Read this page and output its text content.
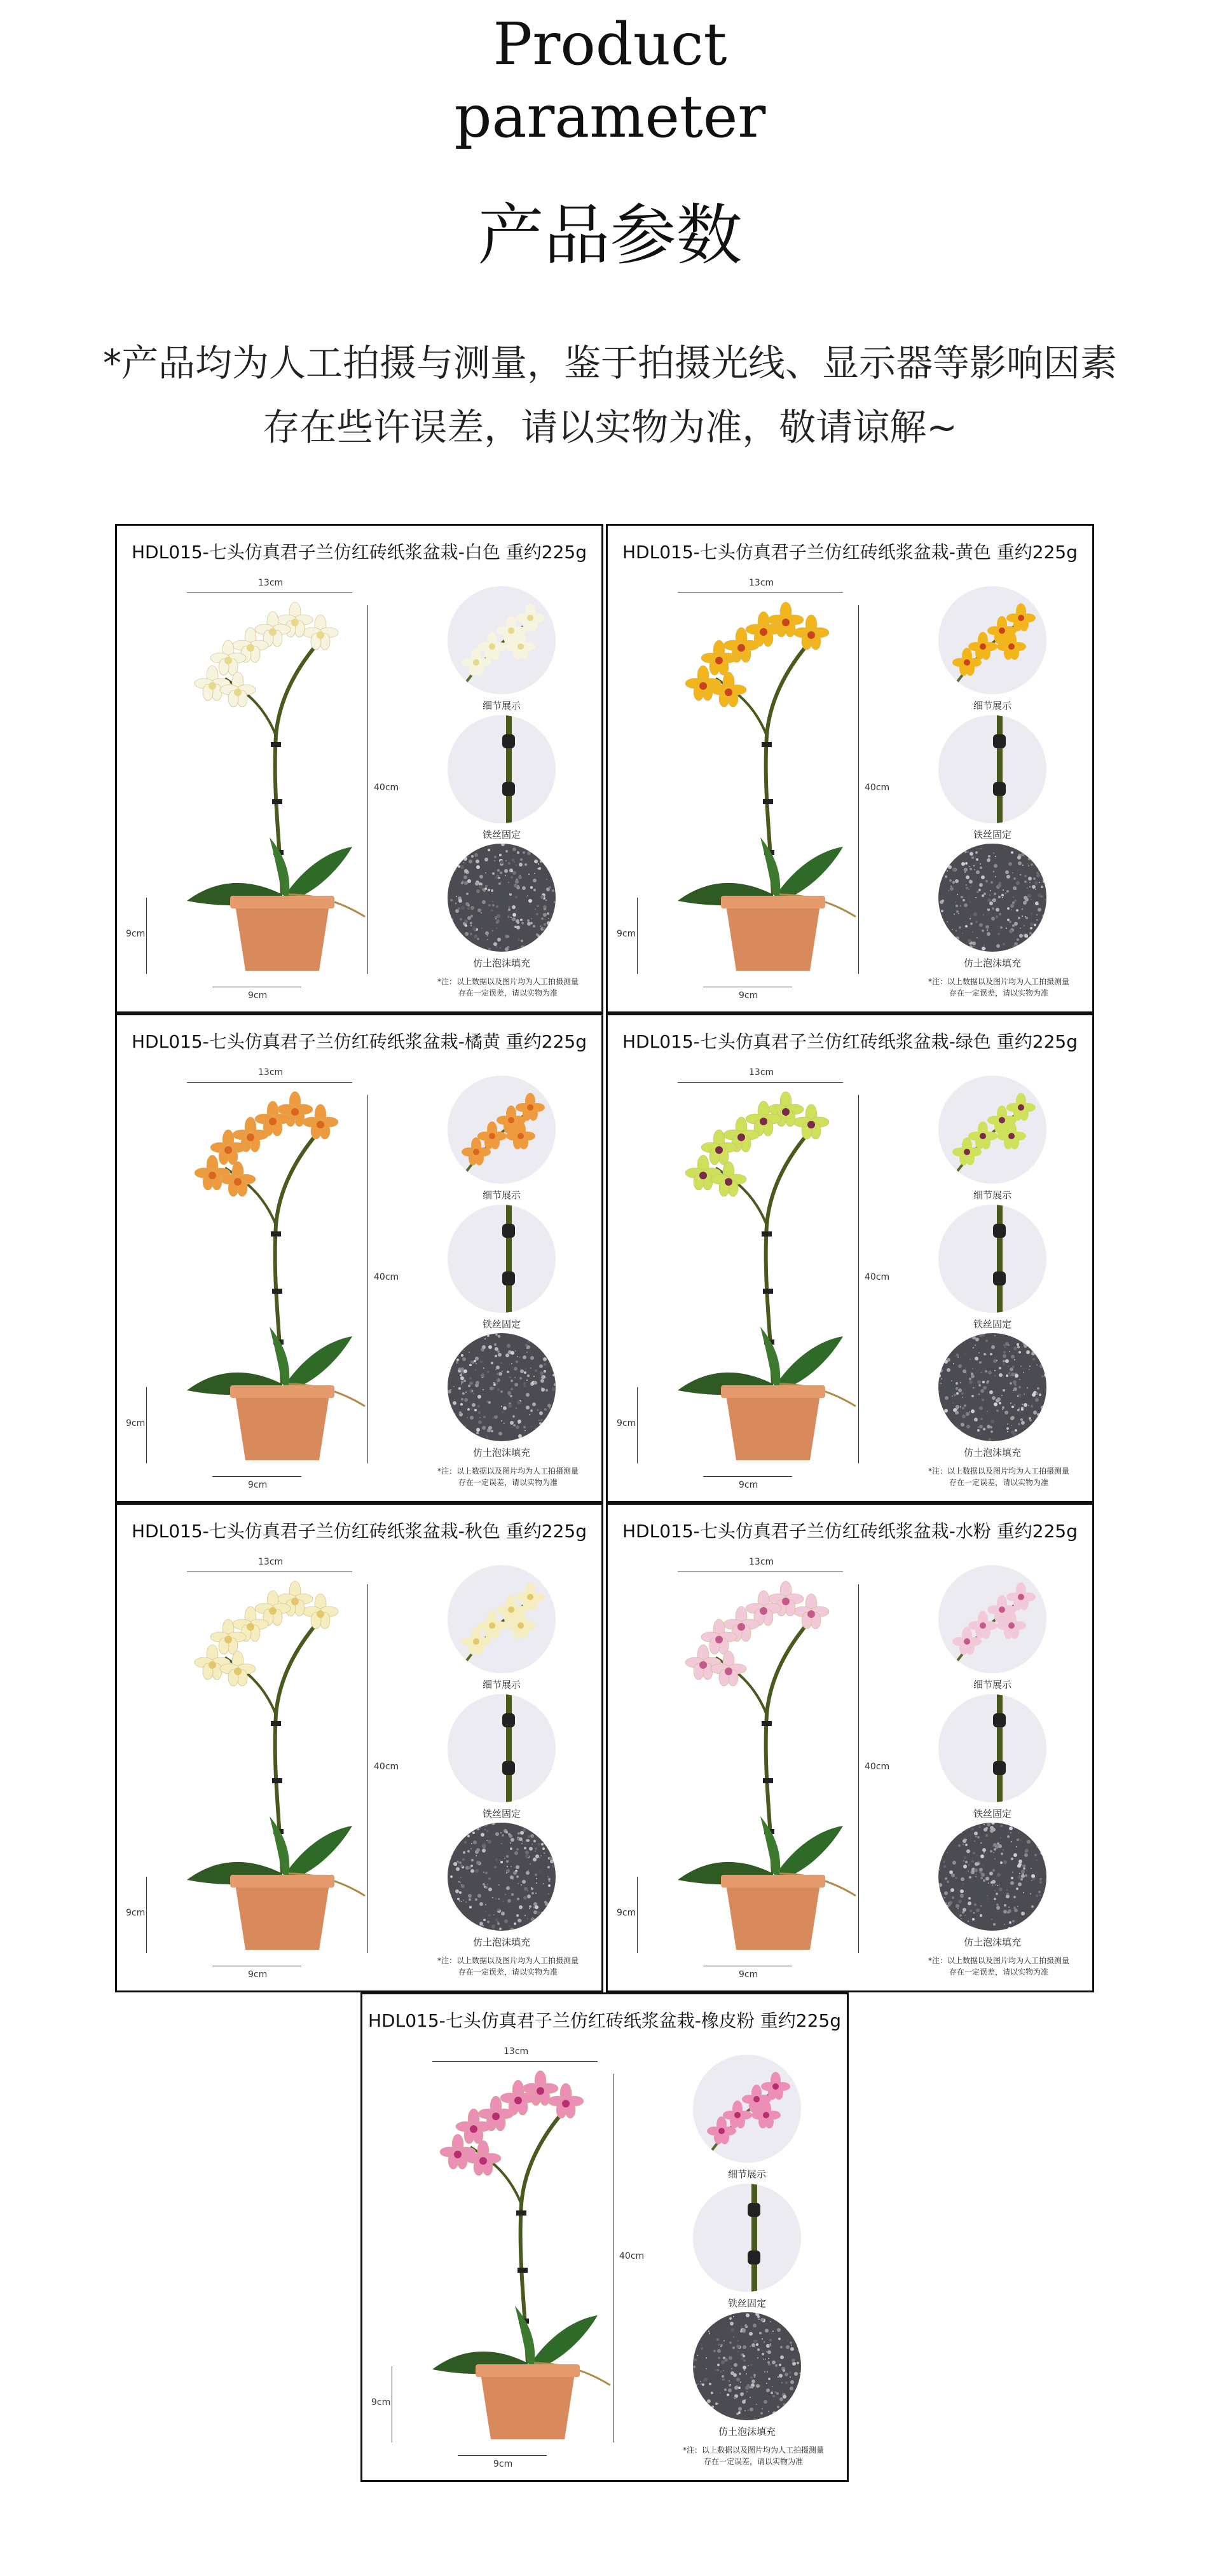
Product
parameter
产品参数
*产品均为人工拍摄与测量，鉴于拍摄光线、显示器等影响因素
存在些许误差，请以实物为准，敬请谅解~
HDL015-七头仿真君子兰仿红砖纸浆盆栽-白色 重约225g
13cm
40cm
9cm
9cm
细节展示
铁丝固定
仿土泡沫填充
*注：以上数据以及图片均为人工拍摄测量
存在一定误差，请以实物为准
HDL015-七头仿真君子兰仿红砖纸浆盆栽-黄色 重约225g
13cm
40cm
9cm
9cm
细节展示
铁丝固定
仿土泡沫填充
*注：以上数据以及图片均为人工拍摄测量
存在一定误差，请以实物为准
HDL015-七头仿真君子兰仿红砖纸浆盆栽-橘黄 重约225g
13cm
40cm
9cm
9cm
细节展示
铁丝固定
仿土泡沫填充
*注：以上数据以及图片均为人工拍摄测量
存在一定误差，请以实物为准
HDL015-七头仿真君子兰仿红砖纸浆盆栽-绿色 重约225g
13cm
40cm
9cm
9cm
细节展示
铁丝固定
仿土泡沫填充
*注：以上数据以及图片均为人工拍摄测量
存在一定误差，请以实物为准
HDL015-七头仿真君子兰仿红砖纸浆盆栽-秋色 重约225g
13cm
40cm
9cm
9cm
细节展示
铁丝固定
仿土泡沫填充
*注：以上数据以及图片均为人工拍摄测量
存在一定误差，请以实物为准
HDL015-七头仿真君子兰仿红砖纸浆盆栽-水粉 重约225g
13cm
40cm
9cm
9cm
细节展示
铁丝固定
仿土泡沫填充
*注：以上数据以及图片均为人工拍摄测量
存在一定误差，请以实物为准
HDL015-七头仿真君子兰仿红砖纸浆盆栽-橡皮粉 重约225g
13cm
40cm
9cm
9cm
细节展示
铁丝固定
仿土泡沫填充
*注：以上数据以及图片均为人工拍摄测量
存在一定误差，请以实物为准
